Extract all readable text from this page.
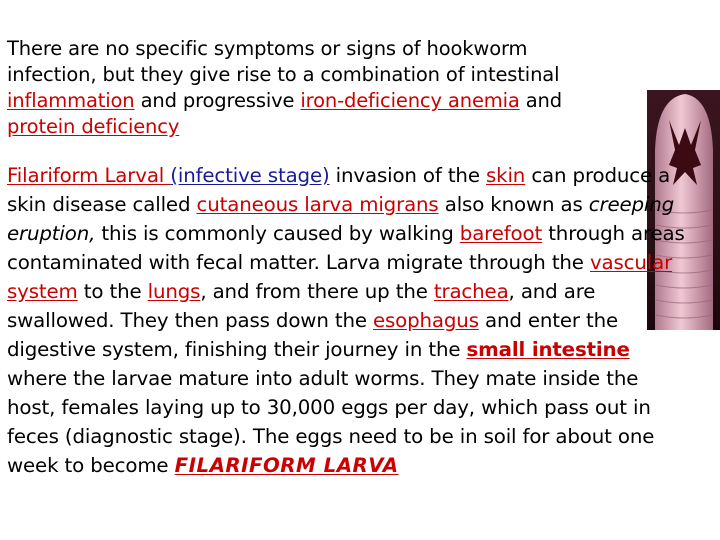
There are no specific symptoms or signs of hookworm infection, but they give rise to a combination of intestinal inflammation and progressive iron-deficiency anemia and protein deficiency

Filariform Larval (infective stage) invasion of the skin can produce a skin disease called cutaneous larva migrans also known as creeping eruption, this is commonly caused by walking barefoot through areas contaminated with fecal matter. Larva migrate through the vascular system to the lungs, and from there up the trachea, and are swallowed. They then pass down the esophagus and enter the digestive system, finishing their journey in the small intestine where the larvae mature into adult worms. They mate inside the host, females laying up to 30,000 eggs per day, which pass out in feces (diagnostic stage). The eggs need to be in soil for about one week to become FILARIFORM LARVA
